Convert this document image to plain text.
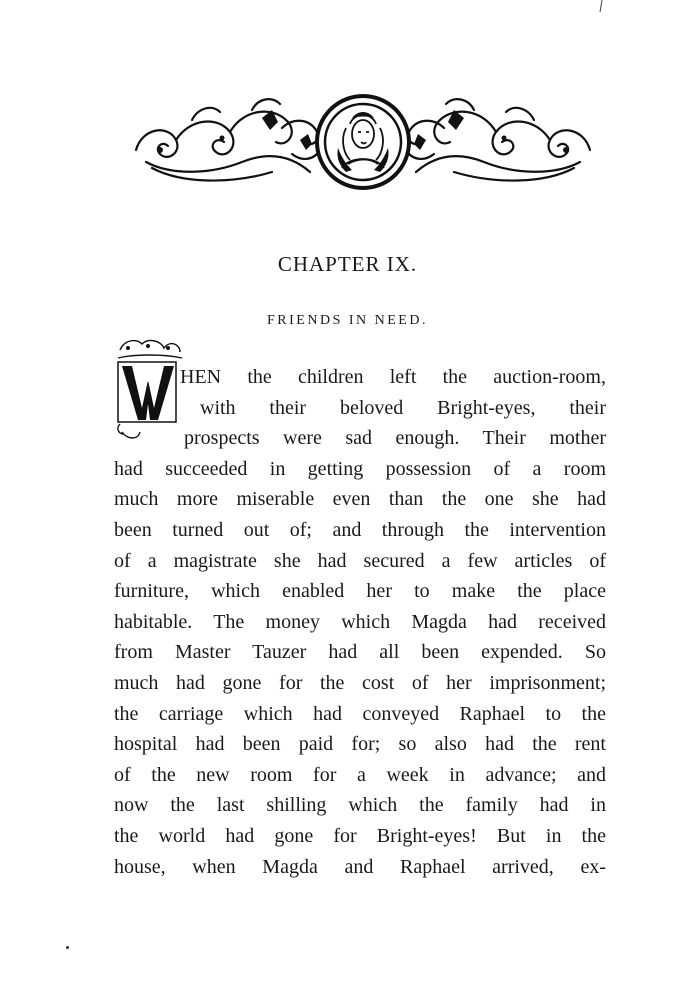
CHAPTER IX.
FRIENDS IN NEED.
W
HEN the children left the auction-room,
with their beloved Bright-eyes, their
prospects were sad enough. Their mother
had succeeded in getting possession of a room
much more miserable even than the one she had
been turned out of; and through the intervention
of a magistrate she had secured a few articles of
furniture, which enabled her to make the place
habitable. The money which Magda had received
from Master Tauzer had all been expended. So
much had gone for the cost of her imprisonment;
the carriage which had conveyed Raphael to the
hospital had been paid for; so also had the rent
of the new room for a week in advance; and
now the last shilling which the family had in
the world had gone for Bright-eyes! But in the
house, when Magda and Raphael arrived, ex-
